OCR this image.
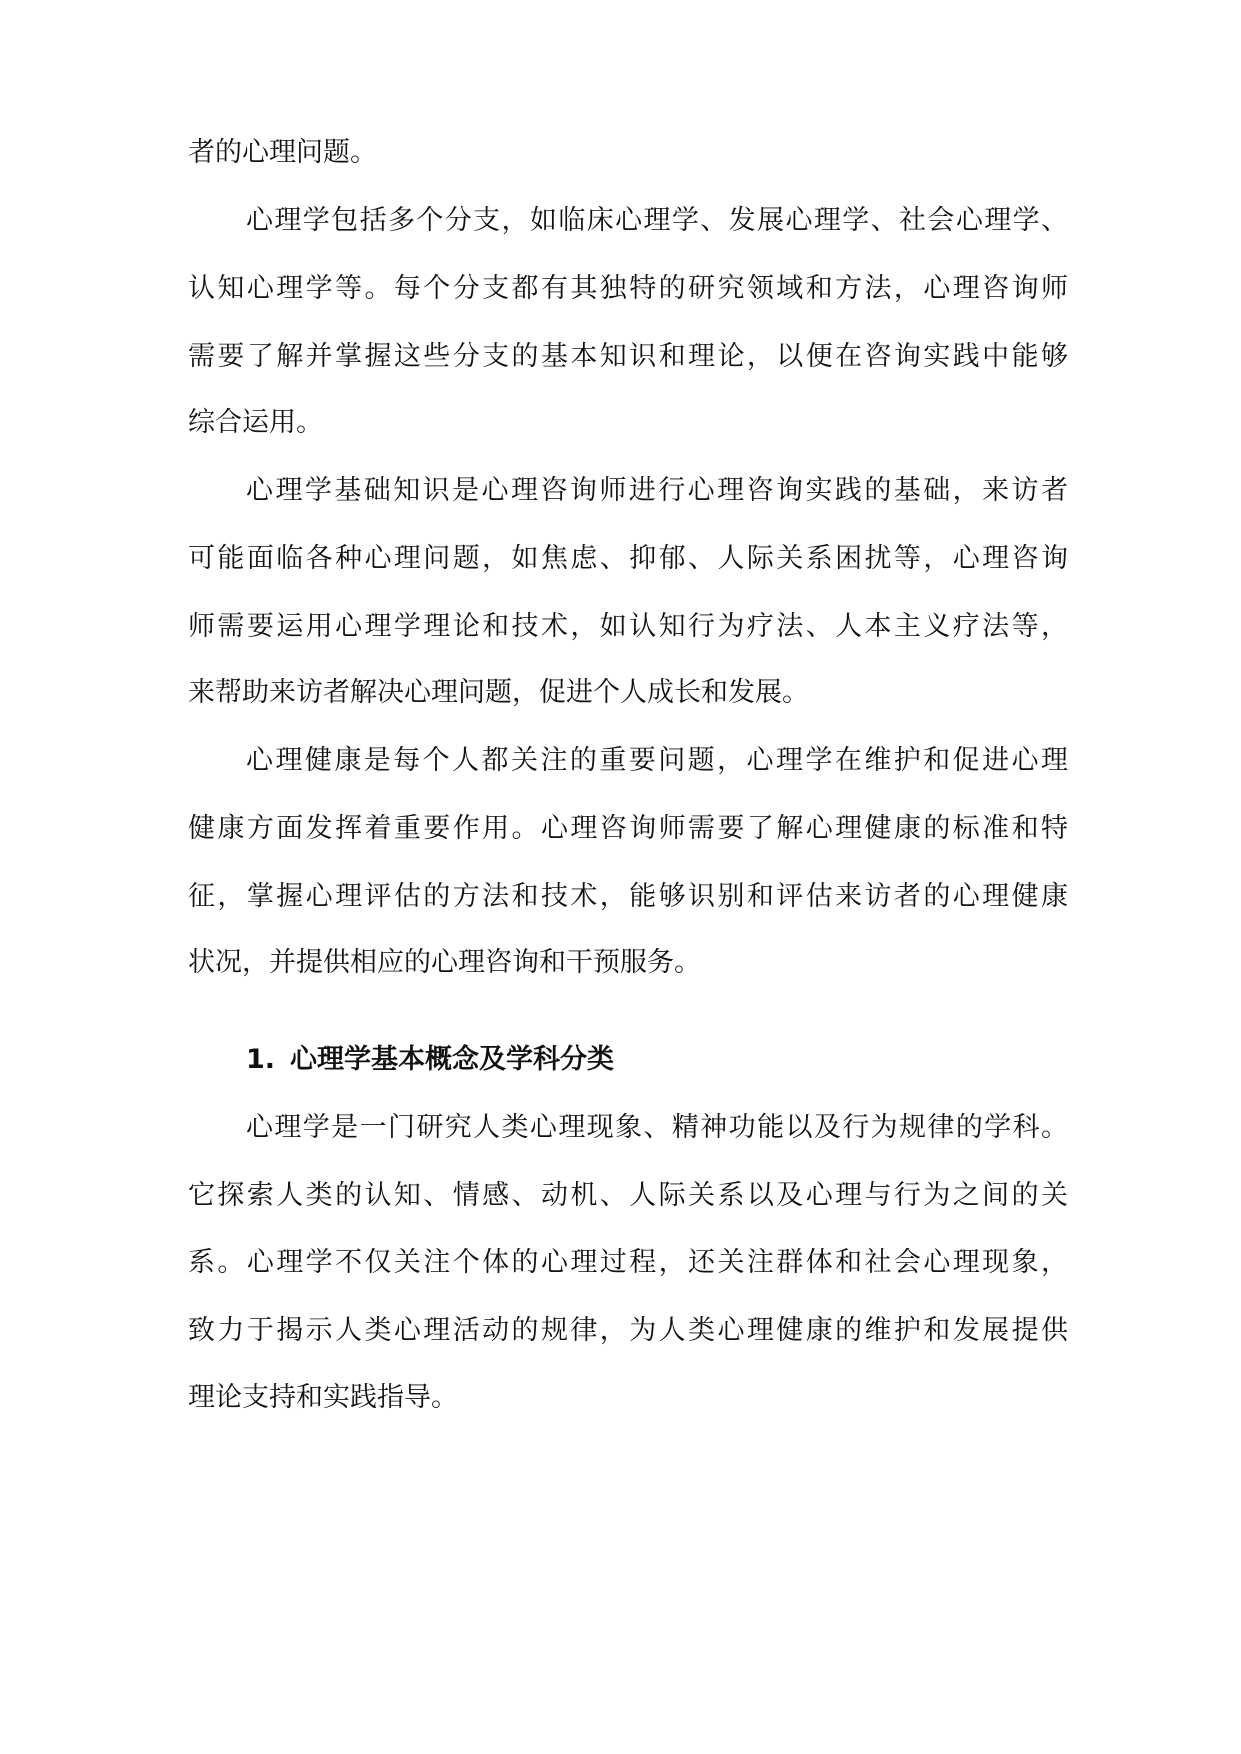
者的心理问题。

心理学包括多个分支，如临床心理学、发展心理学、社会心理学、

认知心理学等。每个分支都有其独特的研究领域和方法，心理咨询师

需要了解并掌握这些分支的基本知识和理论，以便在咨询实践中能够

综合运用。

心理学基础知识是心理咨询师进行心理咨询实践的基础，来访者

可能面临各种心理问题，如焦虑、抑郁、人际关系困扰等，心理咨询

师需要运用心理学理论和技术，如认知行为疗法、人本主义疗法等，

来帮助来访者解决心理问题，促进个人成长和发展。

心理健康是每个人都关注的重要问题，心理学在维护和促进心理

健康方面发挥着重要作用。心理咨询师需要了解心理健康的标准和特

征，掌握心理评估的方法和技术，能够识别和评估来访者的心理健康

状况，并提供相应的心理咨询和干预服务。

1. 心理学基本概念及学科分类

心理学是一门研究人类心理现象、精神功能以及行为规律的学科。

它探索人类的认知、情感、动机、人际关系以及心理与行为之间的关

系。心理学不仅关注个体的心理过程，还关注群体和社会心理现象，

致力于揭示人类心理活动的规律，为人类心理健康的维护和发展提供

理论支持和实践指导。
